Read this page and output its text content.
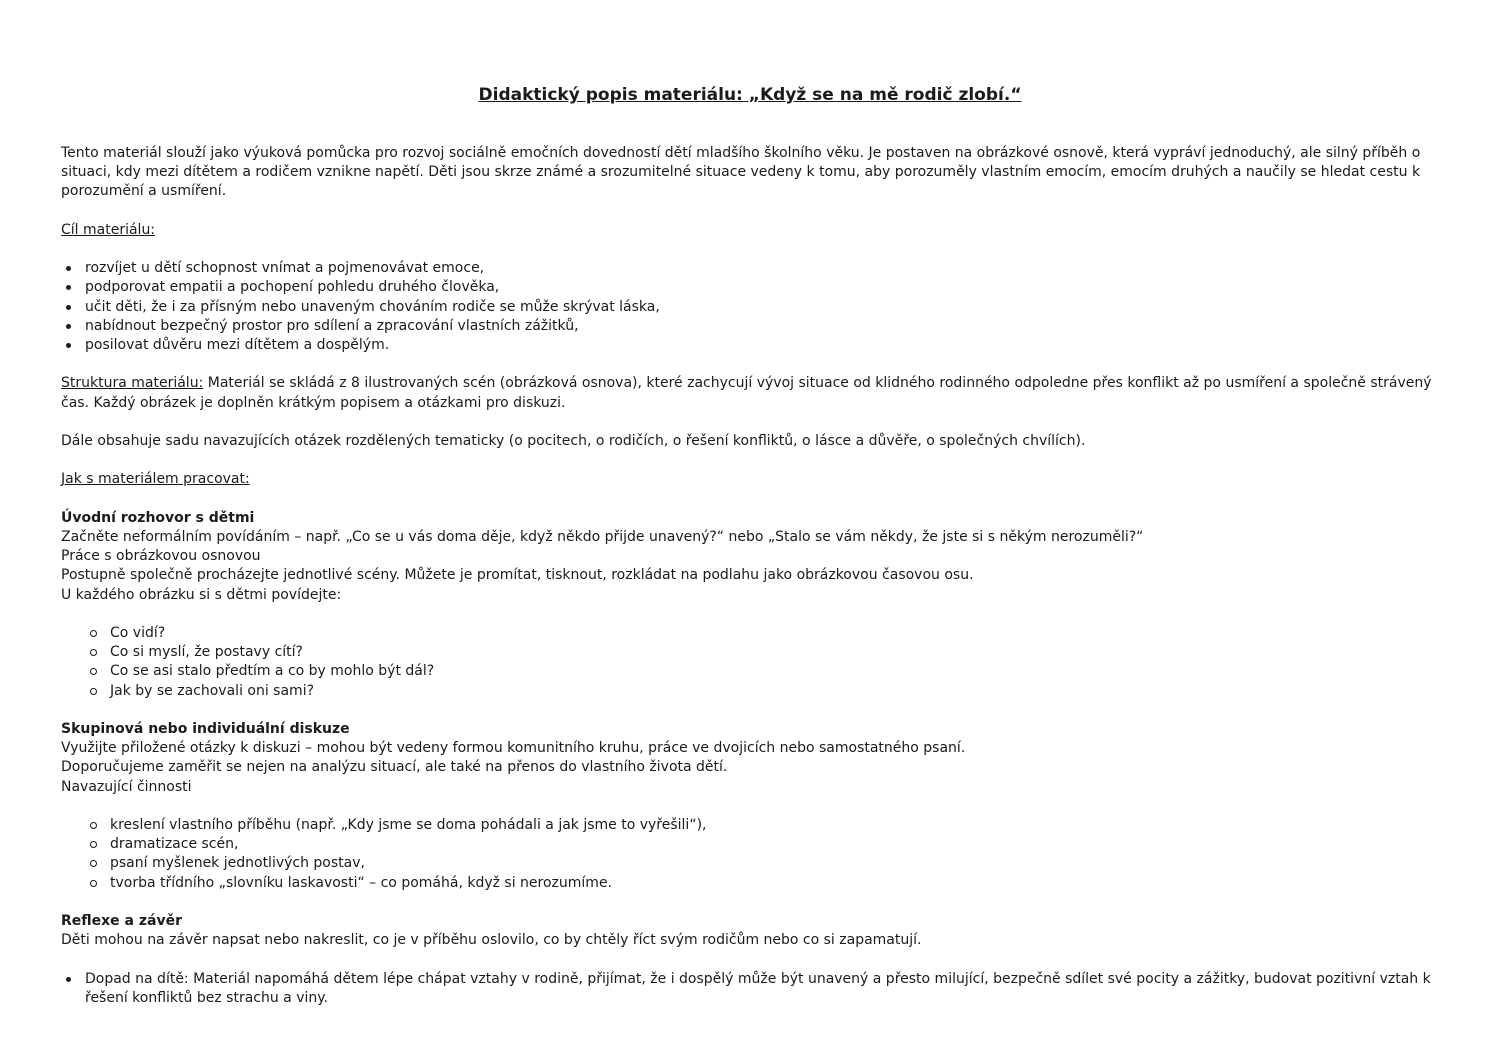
Didaktický popis materiálu: „Když se na mě rodič zlobí.“

Tento materiál slouží jako výuková pomůcka pro rozvoj sociálně emočních dovedností dětí mladšího školního věku. Je postaven na obrázkové osnově, která vypráví jednoduchý, ale silný příběh o situaci, kdy mezi dítětem a rodičem vznikne napětí. Děti jsou skrze známé a srozumitelné situace vedeny k tomu, aby porozuměly vlastním emocím, emocím druhých a naučily se hledat cestu k porozumění a usmíření.

Cíl materiálu:

rozvíjet u dětí schopnost vnímat a pojmenovávat emoce,
podporovat empatii a pochopení pohledu druhého člověka,
učit děti, že i za přísným nebo unaveným chováním rodiče se může skrývat láska,
nabídnout bezpečný prostor pro sdílení a zpracování vlastních zážitků,
posilovat důvěru mezi dítětem a dospělým.

Struktura materiálu: Materiál se skládá z 8 ilustrovaných scén (obrázková osnova), které zachycují vývoj situace od klidného rodinného odpoledne přes konflikt až po usmíření a společně strávený čas. Každý obrázek je doplněn krátkým popisem a otázkami pro diskuzi.

Dále obsahuje sadu navazujících otázek rozdělených tematicky (o pocitech, o rodičích, o řešení konfliktů, o lásce a důvěře, o společných chvílích).

Jak s materiálem pracovat:

Úvodní rozhovor s dětmi

Začněte neformálním povídáním – např. „Co se u vás doma děje, když někdo přijde unavený?“ nebo „Stalo se vám někdy, že jste si s někým nerozuměli?“

Práce s obrázkovou osnovou

Postupně společně procházejte jednotlivé scény. Můžete je promítat, tisknout, rozkládat na podlahu jako obrázkovou časovou osu.

U každého obrázku si s dětmi povídejte:

Co vidí?
Co si myslí, že postavy cítí?
Co se asi stalo předtím a co by mohlo být dál?
Jak by se zachovali oni sami?

Skupinová nebo individuální diskuze

Využijte přiložené otázky k diskuzi – mohou být vedeny formou komunitního kruhu, práce ve dvojicích nebo samostatného psaní.

Doporučujeme zaměřit se nejen na analýzu situací, ale také na přenos do vlastního života dětí.

Navazující činnosti

kreslení vlastního příběhu (např. „Kdy jsme se doma pohádali a jak jsme to vyřešili“),
dramatizace scén,
psaní myšlenek jednotlivých postav,
tvorba třídního „slovníku laskavosti“ – co pomáhá, když si nerozumíme.

Reflexe a závěr

Děti mohou na závěr napsat nebo nakreslit, co je v příběhu oslovilo, co by chtěly říct svým rodičům nebo co si zapamatují.

Dopad na dítě: Materiál napomáhá dětem lépe chápat vztahy v rodině, přijímat, že i dospělý může být unavený a přesto milující, bezpečně sdílet své pocity a zážitky, budovat pozitivní vztah k řešení konfliktů bez strachu a viny.
